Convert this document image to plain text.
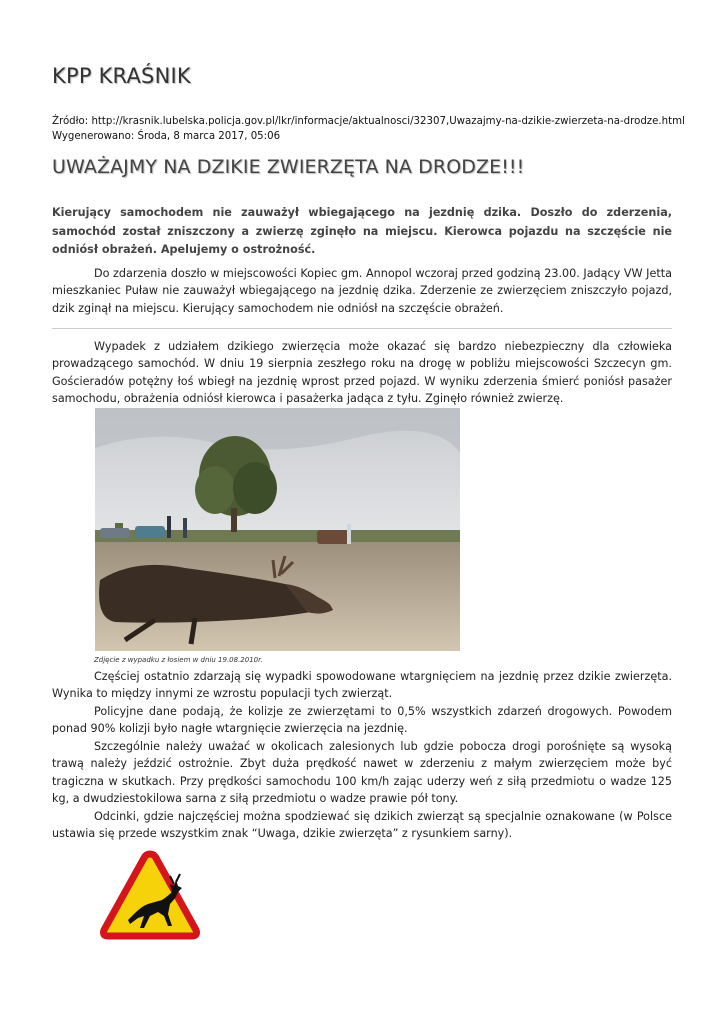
KPP KRAŚNIK
Źródło: http://krasnik.lubelska.policja.gov.pl/lkr/informacje/aktualnosci/32307,Uwazajmy-na-dzikie-zwierzeta-na-drodze.html
Wygenerowano: Środa, 8 marca 2017, 05:06
UWAŻAJMY NA DZIKIE ZWIERZĘTA NA DRODZE!!!
Kierujący samochodem nie zauważył wbiegającego na jezdnię dzika. Doszło do zderzenia, samochód został zniszczony a zwierzę zginęło na miejscu. Kierowca pojazdu na szczęście nie odniósł obrażeń. Apelujemy o ostrożność.
Do zdarzenia doszło w miejscowości Kopiec gm. Annopol wczoraj przed godziną 23.00. Jadący VW Jetta mieszkaniec Puław nie zauważył wbiegającego na jezdnię dzika. Zderzenie ze zwierzęciem zniszczyło pojazd, dzik zginął na miejscu. Kierujący samochodem nie odniósł na szczęście obrażeń.
Wypadek z udziałem dzikiego zwierzęcia może okazać się bardzo niebezpieczny dla człowieka prowadzącego samochód. W dniu 19 sierpnia zeszłego roku na drogę w pobliżu miejscowości Szczecyn gm. Gościeradów potężny łoś wbiegł na jezdnię wprost przed pojazd. W wyniku zderzenia śmierć poniósł pasażer samochodu, obrażenia odniósł kierowca i pasażerka jadąca z tyłu. Zginęło również zwierzę.
Zdjęcie z wypadku z łosiem w dniu 19.08.2010r.
Częściej ostatnio zdarzają się wypadki spowodowane wtargnięciem na jezdnię przez dzikie zwierzęta. Wynika to między innymi ze wzrostu populacji tych zwierząt.
Policyjne dane podają, że kolizje ze zwierzętami to 0,5% wszystkich zdarzeń drogowych. Powodem ponad 90% kolizji było nagłe wtargnięcie zwierzęcia na jezdnię.
Szczególnie należy uważać w okolicach zalesionych lub gdzie pobocza drogi porośnięte są wysoką trawą należy jeździć ostrożnie. Zbyt duża prędkość nawet w zderzeniu z małym zwierzęciem może być tragiczna w skutkach. Przy prędkości samochodu 100 km/h zając uderzy weń z siłą przedmiotu o wadze 125 kg, a dwudziestokilowa sarna z siłą przedmiotu o wadze prawie pół tony.
Odcinki, gdzie najczęściej można spodziewać się dzikich zwierząt są specjalnie oznakowane (w Polsce ustawia się przede wszystkim znak “Uwaga, dzikie zwierzęta” z rysunkiem sarny).
